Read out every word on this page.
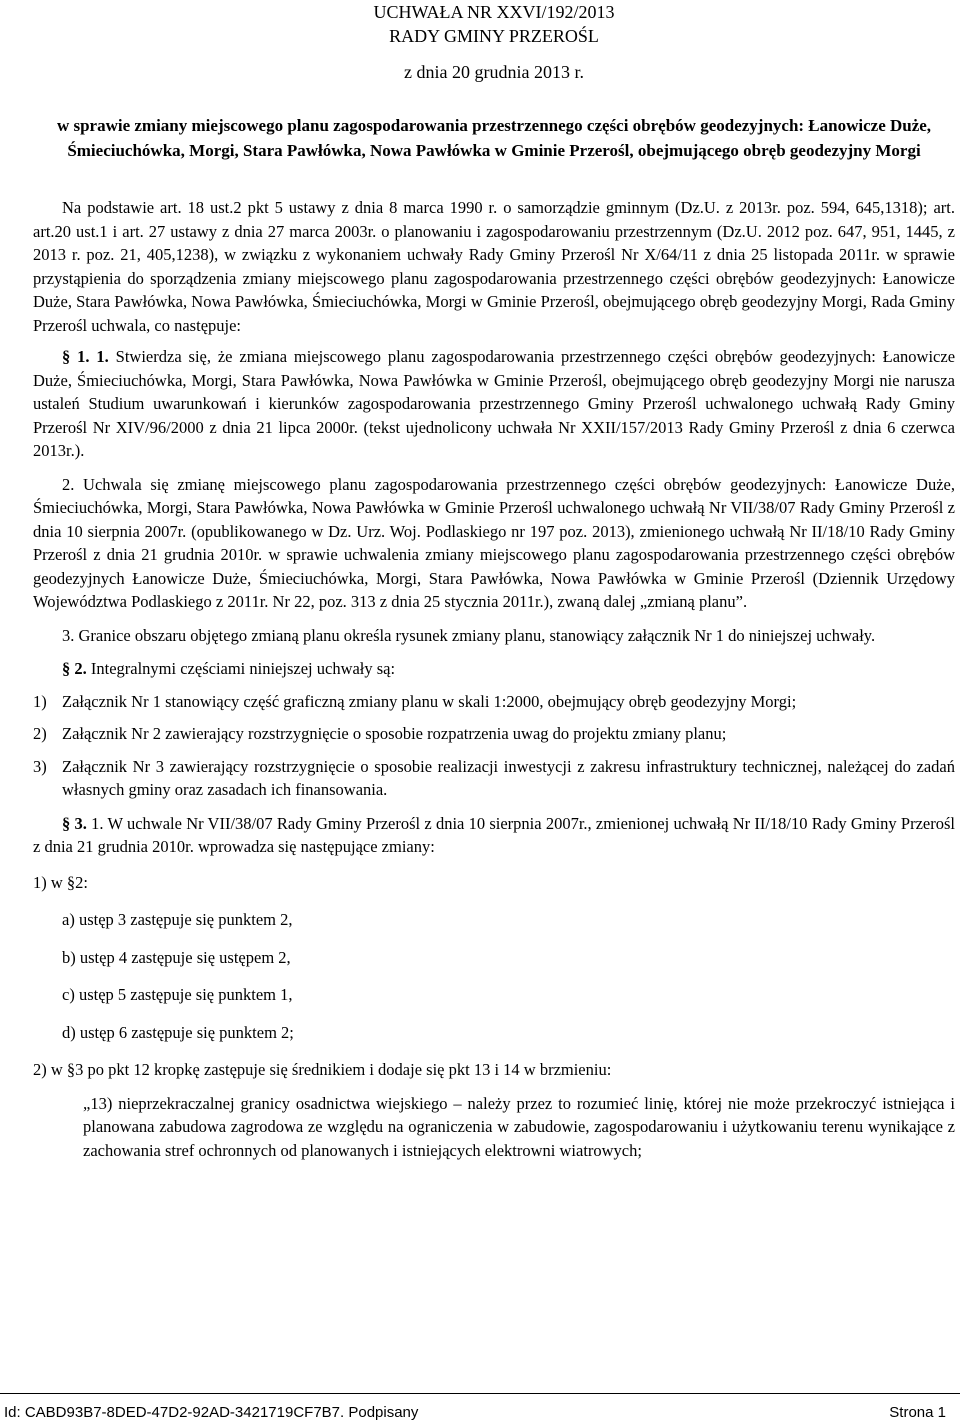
UCHWAŁA NR XXVI/192/2013
RADY GMINY PRZEROŚL
z dnia 20 grudnia 2013 r.
w sprawie zmiany miejscowego planu zagospodarowania przestrzennego części obrębów geodezyjnych: Łanowicze Duże, Śmieciuchówka, Morgi, Stara Pawłówka, Nowa Pawłówka w Gminie Przerośl, obejmującego obręb geodezyjny Morgi

Na podstawie art. 18 ust.2 pkt 5 ustawy z dnia 8 marca 1990 r. o samorządzie gminnym (Dz.U. z 2013r. poz. 594, 645,1318); art. art.20 ust.1 i art. 27 ustawy z dnia 27 marca 2003r. o planowaniu i zagospodarowaniu przestrzennym (Dz.U. 2012 poz. 647, 951, 1445, z 2013 r. poz. 21, 405,1238), w związku z wykonaniem uchwały Rady Gminy Przerośl Nr X/64/11 z dnia 25 listopada 2011r. w sprawie przystąpienia do sporządzenia zmiany miejscowego planu zagospodarowania przestrzennego części obrębów geodezyjnych: Łanowicze Duże, Stara Pawłówka, Nowa Pawłówka, Śmieciuchówka, Morgi w Gminie Przerośl, obejmującego obręb geodezyjny Morgi, Rada Gminy Przerośl uchwala, co następuje:

§ 1. 1. Stwierdza się, że zmiana miejscowego planu zagospodarowania przestrzennego części obrębów geodezyjnych: Łanowicze Duże, Śmieciuchówka, Morgi, Stara Pawłówka, Nowa Pawłówka w Gminie Przerośl, obejmującego obręb geodezyjny Morgi nie narusza ustaleń Studium uwarunkowań i kierunków zagospodarowania przestrzennego Gminy Przerośl uchwalonego uchwałą Rady Gminy Przerośl Nr XIV/96/2000 z dnia 21 lipca 2000r. (tekst ujednolicony uchwała Nr XXII/157/2013 Rady Gminy Przerośl z dnia 6 czerwca 2013r.).

2. Uchwala się zmianę miejscowego planu zagospodarowania przestrzennego części obrębów geodezyjnych: Łanowicze Duże, Śmieciuchówka, Morgi, Stara Pawłówka, Nowa Pawłówka w Gminie Przerośl uchwalonego uchwałą Nr VII/38/07 Rady Gminy Przerośl z dnia 10 sierpnia 2007r. (opublikowanego w Dz. Urz. Woj. Podlaskiego nr 197 poz. 2013), zmienionego uchwałą Nr II/18/10 Rady Gminy Przerośl z dnia 21 grudnia 2010r. w sprawie uchwalenia zmiany miejscowego planu zagospodarowania przestrzennego części obrębów geodezyjnych Łanowicze Duże, Śmieciuchówka, Morgi, Stara Pawłówka, Nowa Pawłówka w Gminie Przerośl (Dziennik Urzędowy Województwa Podlaskiego z 2011r. Nr 22, poz. 313 z dnia 25 stycznia 2011r.), zwaną dalej „zmianą planu”.

3. Granice obszaru objętego zmianą planu określa rysunek zmiany planu, stanowiący załącznik Nr 1 do niniejszej uchwały.

§ 2. Integralnymi częściami niniejszej uchwały są:

1) Załącznik Nr 1 stanowiący część graficzną zmiany planu w skali 1:2000, obejmujący obręb geodezyjny Morgi;
2) Załącznik Nr 2 zawierający rozstrzygnięcie o sposobie rozpatrzenia uwag do projektu zmiany planu;
3) Załącznik Nr 3 zawierający rozstrzygnięcie o sposobie realizacji inwestycji z zakresu infrastruktury technicznej, należącej do zadań własnych gminy oraz zasadach ich finansowania.

§ 3. 1. W uchwale Nr VII/38/07 Rady Gminy Przerośl z dnia 10 sierpnia 2007r., zmienionej uchwałą Nr II/18/10 Rady Gminy Przerośl z dnia 21 grudnia 2010r. wprowadza się następujące zmiany:

1) w §2:

a) ustęp 3 zastępuje się punktem 2,
b) ustęp 4 zastępuje się ustępem 2,
c) ustęp 5 zastępuje się punktem 1,
d) ustęp 6 zastępuje się punktem 2;

2) w §3 po pkt 12 kropkę zastępuje się średnikiem i dodaje się pkt 13 i 14 w brzmieniu:

„13) nieprzekraczalnej granicy osadnictwa wiejskiego – należy przez to rozumieć linię, której nie może przekroczyć istniejąca i planowana zabudowa zagrodowa ze względu na ograniczenia w zabudowie, zagospodarowaniu i użytkowaniu terenu wynikające z zachowania stref ochronnych od planowanych i istniejących elektrowni wiatrowych;

Id: CABD93B7-8DED-47D2-92AD-3421719CF7B7. Podpisany	Strona 1
